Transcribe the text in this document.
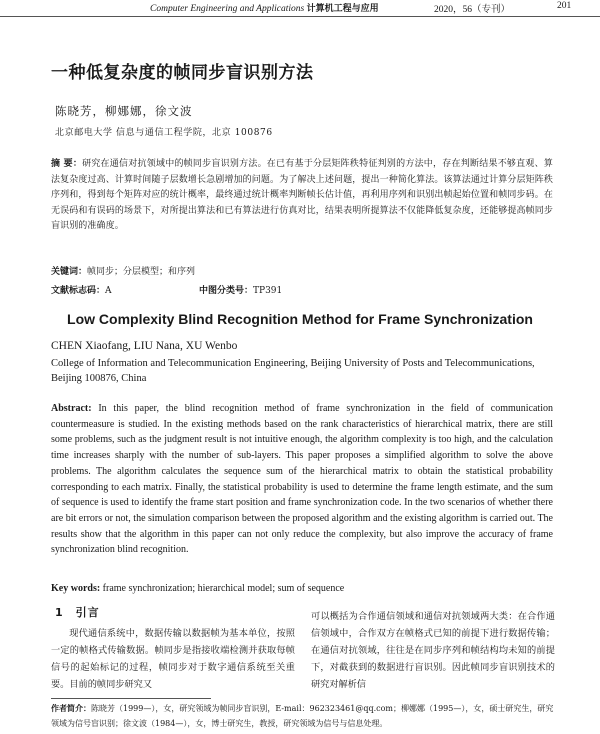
Computer Engineering and Applications 计算机工程与应用	2020，56（专刊）	201
一种低复杂度的帧同步盲识别方法
陈晓芳，柳娜娜，徐文波
北京邮电大学 信息与通信工程学院，北京 100876
摘 要：研究在通信对抗领域中的帧同步盲识别方法。在已有基于分层矩阵秩特征判别的方法中，存在判断结果不够直观、算法复杂度过高、计算时间随子层数增长急剧增加的问题。为了解决上述问题，提出一种简化算法。该算法通过计算分层矩阵秩序列和，得到每个矩阵对应的统计概率，最终通过统计概率判断帧长估计值，再利用序列和识别出帧起始位置和帧同步码。在无误码和有误码的场景下，对所提出算法和已有算法进行仿真对比，结果表明所提算法不仅能降低复杂度，还能够提高帧同步盲识别的准确度。
关键词：帧同步；分层模型；和序列
文献标志码：A	中图分类号：TP391
Low Complexity Blind Recognition Method for Frame Synchronization
CHEN Xiaofang, LIU Nana, XU Wenbo
College of Information and Telecommunication Engineering, Beijing University of Posts and Telecommunications, Beijing 100876, China
Abstract: In this paper, the blind recognition method of frame synchronization in the field of communication countermeasure is studied. In the existing methods based on the rank characteristics of hierarchical matrix, there are still some problems, such as the judgment result is not intuitive enough, the algorithm complexity is too high, and the calculation time increases sharply with the number of sub-layers. This paper proposes a simplified algorithm to solve the above problems. The algorithm calculates the sequence sum of the hierarchical matrix to obtain the statistical probability corresponding to each matrix. Finally, the statistical probability is used to determine the frame length estimate, and the sum of sequence is used to identify the frame start position and frame synchronization code. In the two scenarios of whether there are bit errors or not, the simulation comparison between the proposed algorithm and the existing algorithm is carried out. The results show that the algorithm in this paper can not only reduce the complexity, but also improve the accuracy of frame synchronization blind recognition.
Key words: frame synchronization; hierarchical model; sum of sequence
1　引言
现代通信系统中，数据传输以数据帧为基本单位，按照一定的帧格式传输数据。帧同步是指接收端检测并获取每帧信号的起始标记的过程，帧同步对于数字通信系统至关重要。目前的帧同步研究又
可以概括为合作通信领域和通信对抗领域两大类：在合作通信领域中，合作双方在帧格式已知的前提下进行数据传输；在通信对抗领域，往往是在同步序列和帧结构均未知的前提下，对截获到的数据进行盲识别。因此帧同步盲识别技术的研究对解析信
作者简介：陈晓芳（1999—），女，研究领域为帧同步盲识别，E-mail：962323461@qq.com；柳娜娜（1995—），女，硕士研究生，研究领域为信号盲识别；徐文波（1984—），女，博士研究生，教授，研究领域为信号与信息处理。
